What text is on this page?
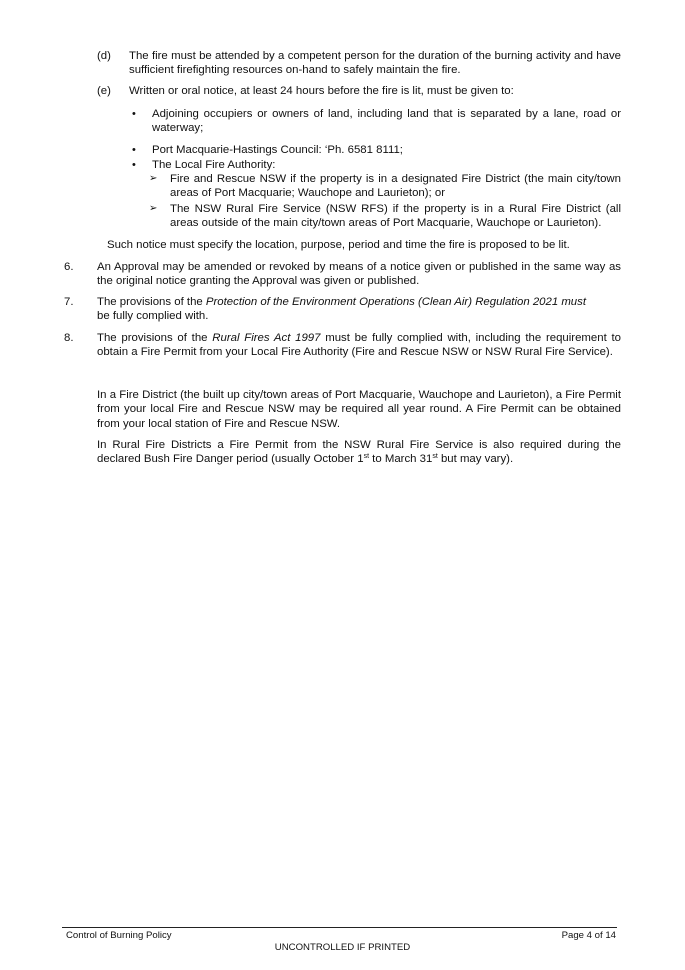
(d) The fire must be attended by a competent person for the duration of the burning activity and have sufficient firefighting resources on-hand to safely maintain the fire.
(e) Written or oral notice, at least 24 hours before the fire is lit, must be given to:
• Adjoining occupiers or owners of land, including land that is separated by a lane, road or waterway;
• Port Macquarie-Hastings Council: ‘Ph. 6581 8111;
• The Local Fire Authority:
➢ Fire and Rescue NSW if the property is in a designated Fire District (the main city/town areas of Port Macquarie; Wauchope and Laurieton); or
➢ The NSW Rural Fire Service (NSW RFS) if the property is in a Rural Fire District (all areas outside of the main city/town areas of Port Macquarie, Wauchope or Laurieton).
Such notice must specify the location, purpose, period and time the fire is proposed to be lit.
6. An Approval may be amended or revoked by means of a notice given or published in the same way as the original notice granting the Approval was given or published.
7. The provisions of the Protection of the Environment Operations (Clean Air) Regulation 2021 must
be fully complied with.
8. The provisions of the Rural Fires Act 1997 must be fully complied with, including the requirement to obtain a Fire Permit from your Local Fire Authority (Fire and Rescue NSW or NSW Rural Fire Service).
In a Fire District (the built up city/town areas of Port Macquarie, Wauchope and Laurieton), a Fire Permit from your local Fire and Rescue NSW may be required all year round. A Fire Permit can be obtained from your local station of Fire and Rescue NSW.
In Rural Fire Districts a Fire Permit from the NSW Rural Fire Service is also required during the declared Bush Fire Danger period (usually October 1st to March 31st but may vary).
Control of Burning Policy	Page 4 of 14
UNCONTROLLED IF PRINTED
